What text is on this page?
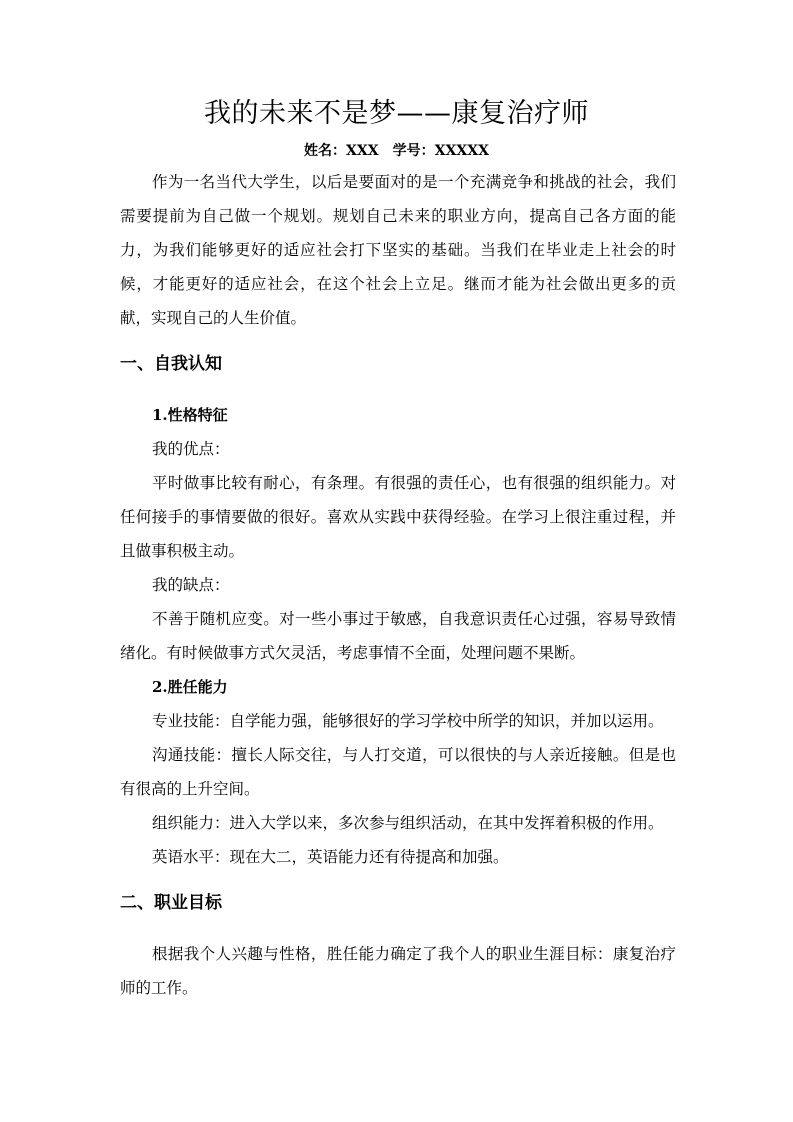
我的未来不是梦——康复治疗师
姓名：XXX 学号：XXXXX

作为一名当代大学生，以后是要面对的是一个充满竞争和挑战的社会，我们需要提前为自己做一个规划。规划自己未来的职业方向，提高自己各方面的能力，为我们能够更好的适应社会打下坚实的基础。当我们在毕业走上社会的时候，才能更好的适应社会，在这个社会上立足。继而才能为社会做出更多的贡献，实现自己的人生价值。

一、自我认知

1.性格特征

我的优点：

平时做事比较有耐心，有条理。有很强的责任心，也有很强的组织能力。对任何接手的事情要做的很好。喜欢从实践中获得经验。在学习上很注重过程，并且做事积极主动。

我的缺点：

不善于随机应变。对一些小事过于敏感，自我意识责任心过强，容易导致情绪化。有时候做事方式欠灵活，考虑事情不全面，处理问题不果断。

2.胜任能力

专业技能：自学能力强，能够很好的学习学校中所学的知识，并加以运用。

沟通技能：擅长人际交往，与人打交道，可以很快的与人亲近接触。但是也有很高的上升空间。

组织能力：进入大学以来，多次参与组织活动，在其中发挥着积极的作用。

英语水平：现在大二，英语能力还有待提高和加强。

二、职业目标

根据我个人兴趣与性格，胜任能力确定了我个人的职业生涯目标：康复治疗师的工作。
